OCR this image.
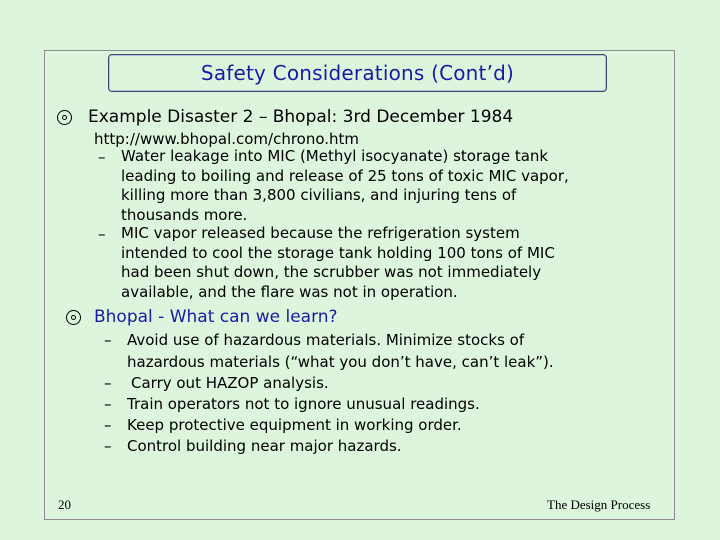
Safety Considerations (Cont’d)
Example Disaster 2 – Bhopal: 3rd December 1984
http://www.bhopal.com/chrono.htm
– Water leakage into MIC (Methyl isocyanate) storage tank
leading to boiling and release of 25 tons of toxic MIC vapor,
killing more than 3,800 civilians, and injuring tens of
thousands more.
– MIC vapor released because the refrigeration system
intended to cool the storage tank holding 100 tons of MIC
had been shut down, the scrubber was not immediately
available, and the flare was not in operation.
Bhopal - What can we learn?
– Avoid use of hazardous materials. Minimize stocks of
hazardous materials (“what you don’t have, can’t leak”).
– Carry out HAZOP analysis.
– Train operators not to ignore unusual readings.
– Keep protective equipment in working order.
– Control building near major hazards.
20	The Design Process
